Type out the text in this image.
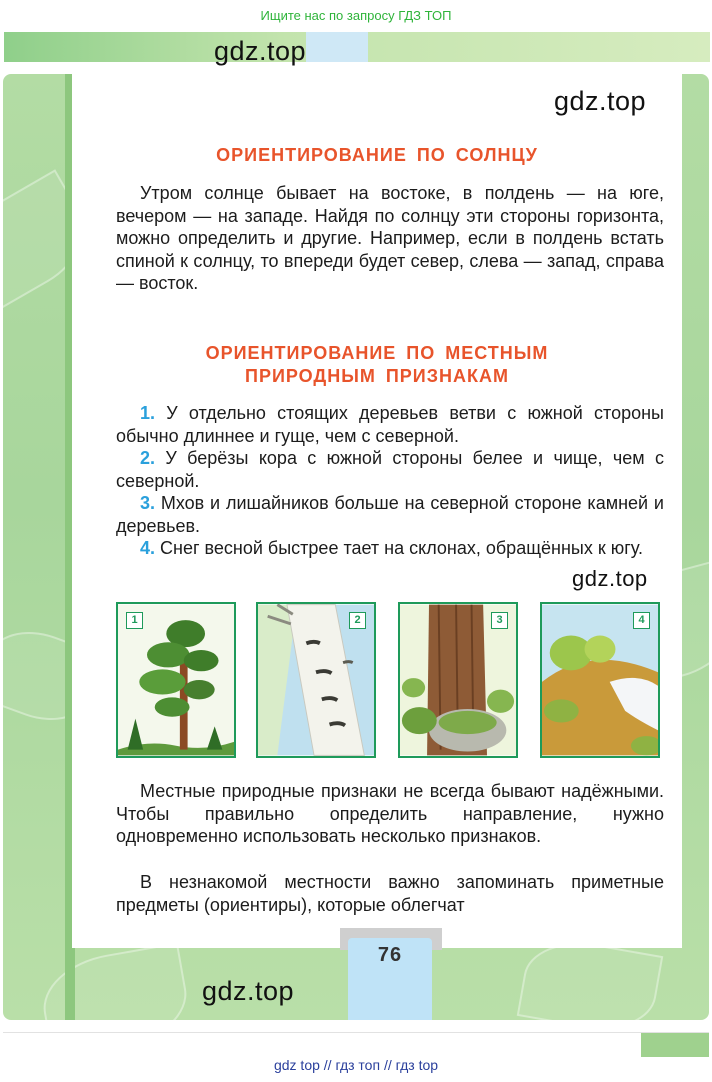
Ищите нас по запросу ГДЗ ТОП
gdz.top
gdz.top
ОРИЕНТИРОВАНИЕ ПО СОЛНЦУ

Утром солнце бывает на востоке, в полдень — на юге, вечером — на западе. Найдя по солнцу эти стороны горизонта, можно определить и другие. Например, если в полдень встать спиной к солнцу, то впереди будет север, слева — запад, справа — восток.

ОРИЕНТИРОВАНИЕ ПО МЕСТНЫМ
ПРИРОДНЫМ ПРИЗНАКАМ

1. У отдельно стоящих деревьев ветви с южной стороны обычно длиннее и гуще, чем с северной.

2. У берёзы кора с южной стороны белее и чище, чем с северной.

3. Мхов и лишайников больше на северной стороне камней и деревьев.

4. Снег весной быстрее тает на склонах, обращённых к югу.

gdz.top
1	2	3	4

Местные природные признаки не всегда бывают надёжными. Чтобы правильно определить направление, нужно одновременно использовать несколько признаков.

В незнакомой местности важно запоминать приметные предметы (ориентиры), которые облегчат

76
gdz.top
gdz top // гдз топ // гдз top
